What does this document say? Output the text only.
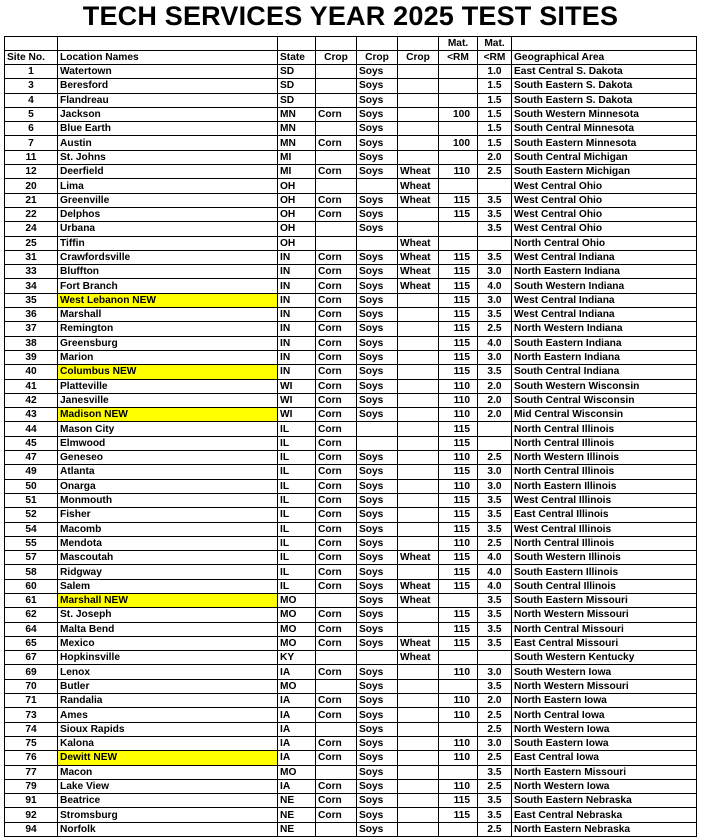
TECH SERVICES YEAR 2025 TEST SITES
						Mat.	Mat.	
Site No.	Location Names	State	Crop	Crop	Crop	<RM	<RM	Geographical Area
1	Watertown	SD		Soys			1.0	East Central S. Dakota
3	Beresford	SD		Soys			1.5	South Eastern S. Dakota
4	Flandreau	SD		Soys			1.5	South Eastern S. Dakota
5	Jackson	MN	Corn	Soys		100	1.5	South Western Minnesota
6	Blue Earth	MN		Soys			1.5	South Central Minnesota
7	Austin	MN	Corn	Soys		100	1.5	South Eastern Minnesota
11	St. Johns	MI		Soys			2.0	South Central Michigan
12	Deerfield	MI	Corn	Soys	Wheat	110	2.5	South Eastern Michigan
20	Lima	OH			Wheat			West Central Ohio
21	Greenville	OH	Corn	Soys	Wheat	115	3.5	West Central Ohio
22	Delphos	OH	Corn	Soys		115	3.5	West Central Ohio
24	Urbana	OH		Soys			3.5	West Central Ohio
25	Tiffin	OH			Wheat			North Central Ohio
31	Crawfordsville	IN	Corn	Soys	Wheat	115	3.5	West Central Indiana
33	Bluffton	IN	Corn	Soys	Wheat	115	3.0	North Eastern Indiana
34	Fort Branch	IN	Corn	Soys	Wheat	115	4.0	South Western Indiana
35	West Lebanon NEW	IN	Corn	Soys		115	3.0	West Central Indiana
36	Marshall	IN	Corn	Soys		115	3.5	West Central Indiana
37	Remington	IN	Corn	Soys		115	2.5	North Western Indiana
38	Greensburg	IN	Corn	Soys		115	4.0	South Eastern Indiana
39	Marion	IN	Corn	Soys		115	3.0	North Eastern Indiana
40	Columbus NEW	IN	Corn	Soys		115	3.5	South Central Indiana
41	Platteville	WI	Corn	Soys		110	2.0	South Western Wisconsin
42	Janesville	WI	Corn	Soys		110	2.0	South Central Wisconsin
43	Madison NEW	WI	Corn	Soys		110	2.0	Mid Central Wisconsin
44	Mason City	IL	Corn			115		North Central Illinois
45	Elmwood	IL	Corn			115		North Central Illinois
47	Geneseo	IL	Corn	Soys		110	2.5	North Western Illinois
49	Atlanta	IL	Corn	Soys		115	3.0	North Central Illinois
50	Onarga	IL	Corn	Soys		110	3.0	North Eastern Illinois
51	Monmouth	IL	Corn	Soys		115	3.5	West Central Illinois
52	Fisher	IL	Corn	Soys		115	3.5	East Central Illinois
54	Macomb	IL	Corn	Soys		115	3.5	West Central Illinois
55	Mendota	IL	Corn	Soys		110	2.5	North Central Illinois
57	Mascoutah	IL	Corn	Soys	Wheat	115	4.0	South Western Illinois
58	Ridgway	IL	Corn	Soys		115	4.0	South Eastern Illinois
60	Salem	IL	Corn	Soys	Wheat	115	4.0	South Central Illinois
61	Marshall NEW	MO		Soys	Wheat		3.5	South Eastern Missouri
62	St. Joseph	MO	Corn	Soys		115	3.5	North Western Missouri
64	Malta Bend	MO	Corn	Soys		115	3.5	North Central Missouri
65	Mexico	MO	Corn	Soys	Wheat	115	3.5	East Central Missouri
67	Hopkinsville	KY			Wheat			South Western Kentucky
69	Lenox	IA	Corn	Soys		110	3.0	South Western Iowa
70	Butler	MO		Soys			3.5	North Western Missouri
71	Randalia	IA	Corn	Soys		110	2.0	North Eastern Iowa
73	Ames	IA	Corn	Soys		110	2.5	North Central Iowa
74	Sioux Rapids	IA		Soys			2.5	North Western Iowa
75	Kalona	IA	Corn	Soys		110	3.0	South Eastern Iowa
76	Dewitt NEW	IA	Corn	Soys		110	2.5	East Central Iowa
77	Macon	MO		Soys			3.5	North Eastern Missouri
79	Lake View	IA	Corn	Soys		110	2.5	North Western Iowa
91	Beatrice	NE	Corn	Soys		115	3.5	South Eastern Nebraska
92	Stromsburg	NE	Corn	Soys		115	3.5	East Central Nebraska
94	Norfolk	NE		Soys			2.5	North Eastern Nebraska
